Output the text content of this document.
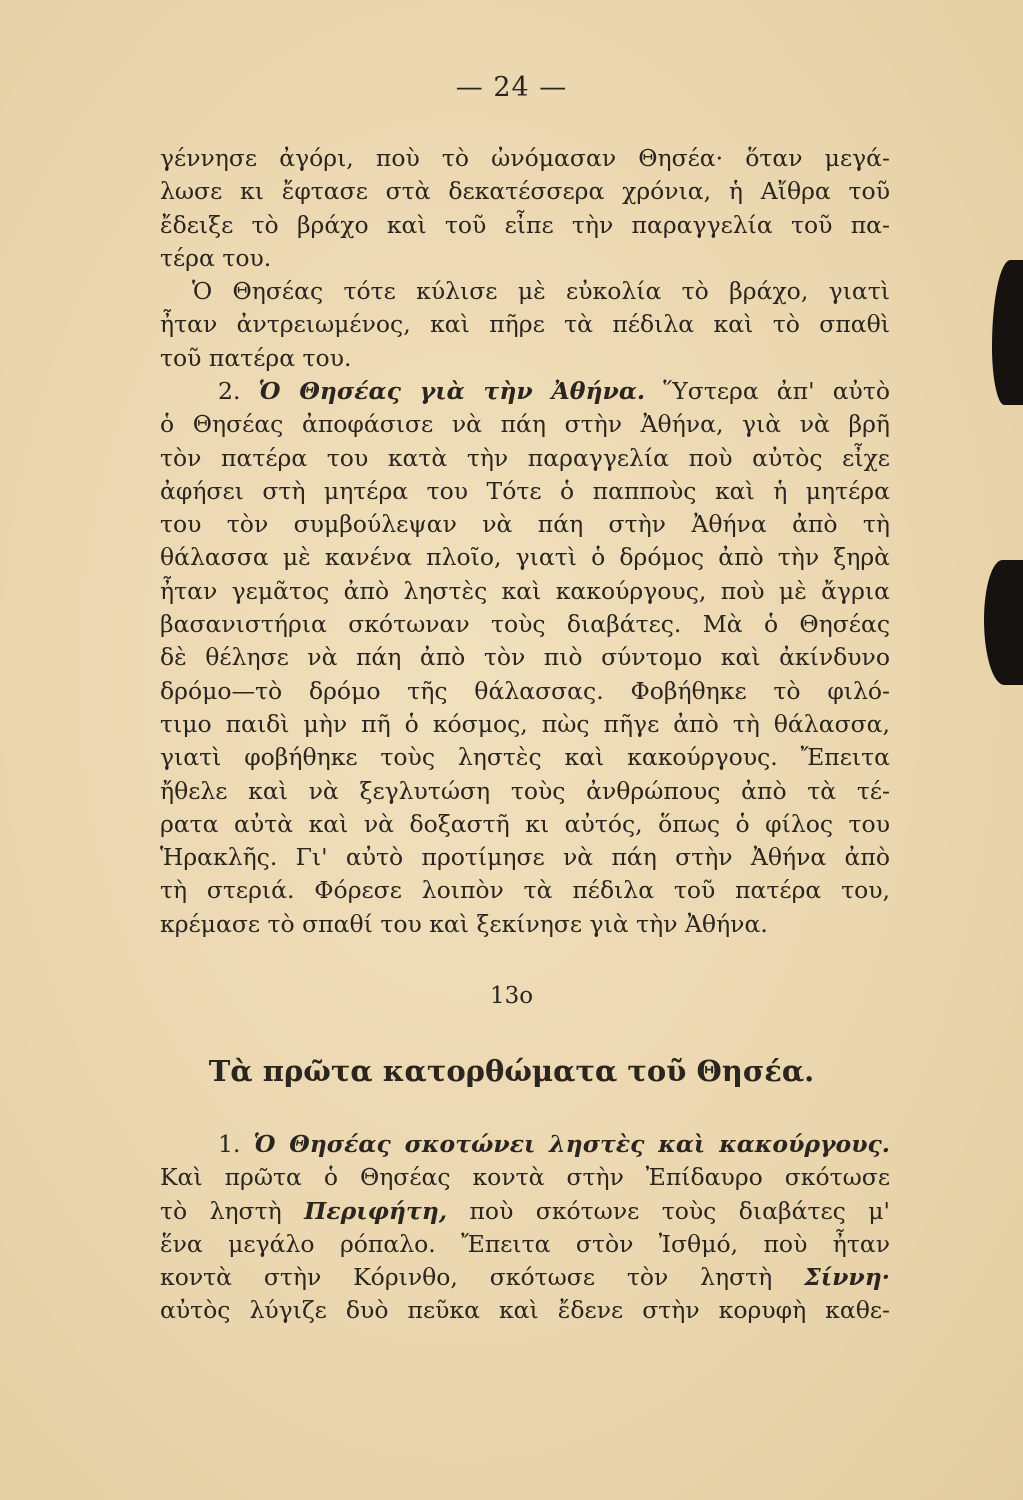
— 24 —
γέννησε ἀγόρι, ποὺ τὸ ὠνόμασαν Θησέα· ὅταν μεγά-
λωσε κι ἔφτασε στὰ δεκατέσσερα χρόνια, ἡ Αἴθρα τοῦ
ἔδειξε τὸ βράχο καὶ τοῦ εἶπε τὴν παραγγελία τοῦ πα-
τέρα του.
Ὁ Θησέας τότε κύλισε μὲ εὐκολία τὸ βράχο, γιατὶ
ἦταν ἀντρειωμένος, καὶ πῆρε τὰ πέδιλα καὶ τὸ σπαθὶ
τοῦ πατέρα του.
2. Ὁ Θησέας γιὰ τὴν Ἀθήνα. Ὕστερα ἀπ' αὐτὸ
ὁ Θησέας ἀποφάσισε νὰ πάη στὴν Ἀθήνα, γιὰ νὰ βρῆ
τὸν πατέρα του κατὰ τὴν παραγγελία ποὺ αὐτὸς εἶχε
ἀφήσει στὴ μητέρα του Τότε ὁ παπποὺς καὶ ἡ μητέρα
του τὸν συμβούλεψαν νὰ πάη στὴν Ἀθήνα ἀπὸ τὴ
θάλασσα μὲ κανένα πλοῖο, γιατὶ ὁ δρόμος ἀπὸ τὴν ξηρὰ
ἦταν γεμᾶτος ἀπὸ ληστὲς καὶ κακούργους, ποὺ μὲ ἄγρια
βασανιστήρια σκότωναν τοὺς διαβάτες. Μὰ ὁ Θησέας
δὲ θέλησε νὰ πάη ἀπὸ τὸν πιὸ σύντομο καὶ ἀκίνδυνο
δρόμο—τὸ δρόμο τῆς θάλασσας. Φοβήθηκε τὸ φιλό-
τιμο παιδὶ μὴν πῆ ὁ κόσμος, πὼς πῆγε ἀπὸ τὴ θάλασσα,
γιατὶ φοβήθηκε τοὺς ληστὲς καὶ κακούργους. Ἔπειτα
ἤθελε καὶ νὰ ξεγλυτώση τοὺς ἀνθρώπους ἀπὸ τὰ τέ-
ρατα αὐτὰ καὶ νὰ δοξαστῆ κι αὐτός, ὅπως ὁ φίλος του
Ἡρακλῆς. Γι' αὐτὸ προτίμησε νὰ πάη στὴν Ἀθήνα ἀπὸ
τὴ στεριά. Φόρεσε λοιπὸν τὰ πέδιλα τοῦ πατέρα του,
κρέμασε τὸ σπαθί του καὶ ξεκίνησε γιὰ τὴν Ἀθήνα.
13ο
Τὰ πρῶτα κατορθώματα τοῦ Θησέα.
1. Ὁ Θησέας σκοτώνει ληστὲς καὶ κακούργους.
Καὶ πρῶτα ὁ Θησέας κοντὰ στὴν Ἐπίδαυρο σκότωσε
τὸ ληστὴ Περιφήτη, ποὺ σκότωνε τοὺς διαβάτες μ'
ἕνα μεγάλο ρόπαλο. Ἔπειτα στὸν Ἰσθμό, ποὺ ἦταν
κοντὰ στὴν Κόρινθο, σκότωσε τὸν ληστὴ Σίννη·
αὐτὸς λύγιζε δυὸ πεῦκα καὶ ἔδενε στὴν κορυφὴ καθε-
